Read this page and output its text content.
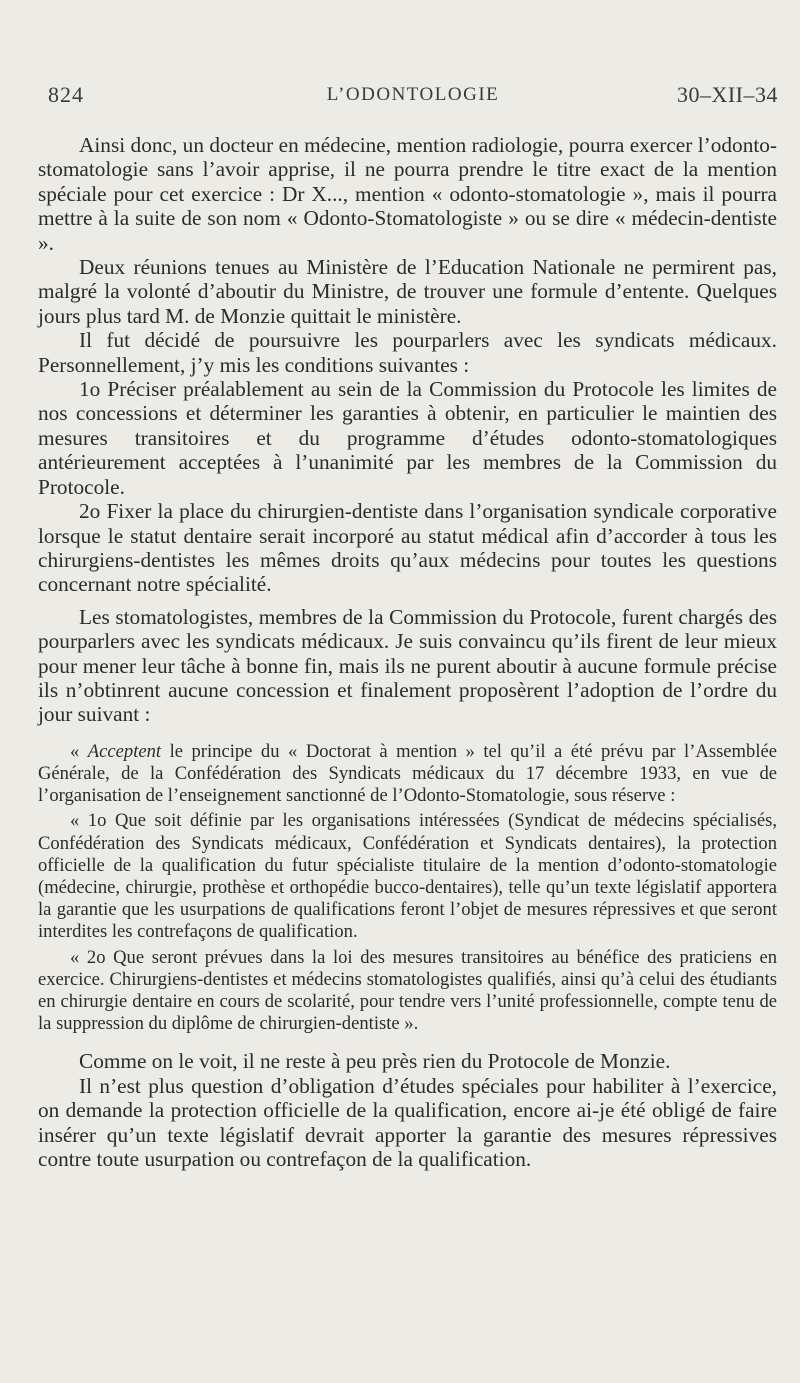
824	L’ODONTOLOGIE	30–XII–34

Ainsi donc, un docteur en médecine, mention radiologie, pourra exercer l’odonto-stomatologie sans l’avoir apprise, il ne pourra prendre le titre exact de la mention spéciale pour cet exercice : Dr X..., mention « odonto-stomatologie », mais il pourra mettre à la suite de son nom « Odonto-Stomatologiste » ou se dire « médecin-dentiste ».

Deux réunions tenues au Ministère de l’Education Nationale ne permirent pas, malgré la volonté d’aboutir du Ministre, de trouver une formule d’entente. Quelques jours plus tard M. de Monzie quittait le ministère.

Il fut décidé de poursuivre les pourparlers avec les syndicats médicaux. Personnellement, j’y mis les conditions suivantes :

1o Préciser préalablement au sein de la Commission du Protocole les limites de nos concessions et déterminer les garanties à obtenir, en particulier le maintien des mesures transitoires et du programme d’études odonto-stomatologiques antérieurement acceptées à l’unanimité par les membres de la Commission du Protocole.

2o Fixer la place du chirurgien-dentiste dans l’organisation syndicale corporative lorsque le statut dentaire serait incorporé au statut médical afin d’accorder à tous les chirurgiens-dentistes les mêmes droits qu’aux médecins pour toutes les questions concernant notre spécialité.

Les stomatologistes, membres de la Commission du Protocole, furent chargés des pourparlers avec les syndicats médicaux. Je suis convaincu qu’ils firent de leur mieux pour mener leur tâche à bonne fin, mais ils ne purent aboutir à aucune formule précise ils n’obtinrent aucune concession et finalement proposèrent l’adoption de l’ordre du jour suivant :

« Acceptent le principe du « Doctorat à mention » tel qu’il a été prévu par l’Assemblée Générale, de la Confédération des Syndicats médicaux du 17 décembre 1933, en vue de l’organisation de l’enseignement sanctionné de l’Odonto-Stomatologie, sous réserve :

« 1o Que soit définie par les organisations intéressées (Syndicat de médecins spécialisés, Confédération des Syndicats médicaux, Confédération et Syndicats dentaires), la protection officielle de la qualification du futur spécialiste titulaire de la mention d’odonto-stomatologie (médecine, chirurgie, prothèse et orthopédie bucco-dentaires), telle qu’un texte législatif apportera la garantie que les usurpations de qualifications feront l’objet de mesures répressives et que seront interdites les contrefaçons de qualification.

« 2o Que seront prévues dans la loi des mesures transitoires au bénéfice des praticiens en exercice. Chirurgiens-dentistes et médecins stomatologistes qualifiés, ainsi qu’à celui des étudiants en chirurgie dentaire en cours de scolarité, pour tendre vers l’unité professionnelle, compte tenu de la suppression du diplôme de chirurgien-dentiste ».

Comme on le voit, il ne reste à peu près rien du Protocole de Monzie.

Il n’est plus question d’obligation d’études spéciales pour habiliter à l’exercice, on demande la protection officielle de la qualification, encore ai-je été obligé de faire insérer qu’un texte législatif devrait apporter la garantie des mesures répressives contre toute usurpation ou contrefaçon de la qualification.
